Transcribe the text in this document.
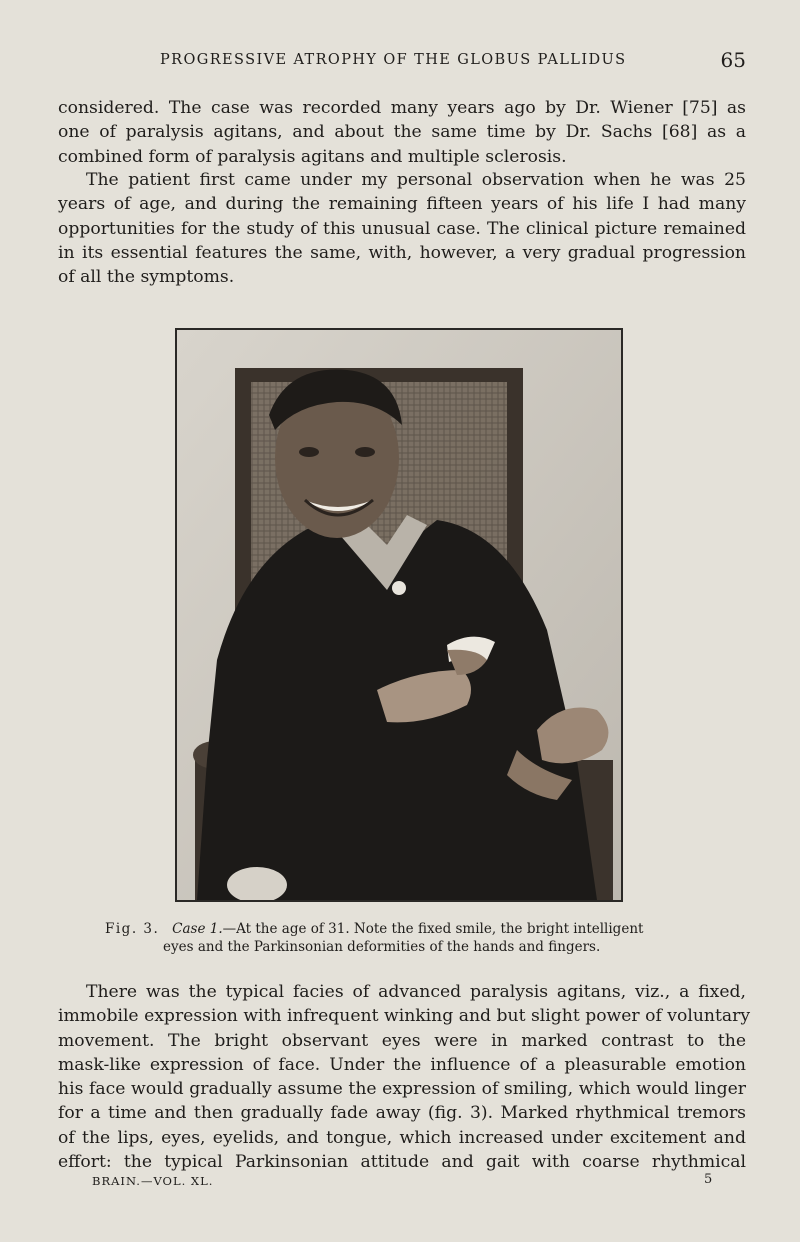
PROGRESSIVE ATROPHY OF THE GLOBUS PALLIDUS	65

considered. The case was recorded many years ago by Dr. Wiener [75] as
one of paralysis agitans, and about the same time by Dr. Sachs [68] as a
combined form of paralysis agitans and multiple sclerosis.

The patient first came under my personal observation when he was 25
years of age, and during the remaining fifteen years of his life I had many
opportunities for the study of this unusual case. The clinical picture remained
in its essential features the same, with, however, a very gradual progression
of all the symptoms.

Fig. 3. Case 1.—At the age of 31. Note the fixed smile, the bright intelligent
eyes and the Parkinsonian deformities of the hands and fingers.

There was the typical facies of advanced paralysis agitans, viz., a fixed,
immobile expression with infrequent winking and but slight power of voluntary
movement. The bright observant eyes were in marked contrast to the
mask-like expression of face. Under the influence of a pleasurable emotion
his face would gradually assume the expression of smiling, which would linger
for a time and then gradually fade away (fig. 3). Marked rhythmical tremors
of the lips, eyes, eyelids, and tongue, which increased under excitement and
effort: the typical Parkinsonian attitude and gait with coarse rhythmical

BRAIN.—VOL. XL.	5
